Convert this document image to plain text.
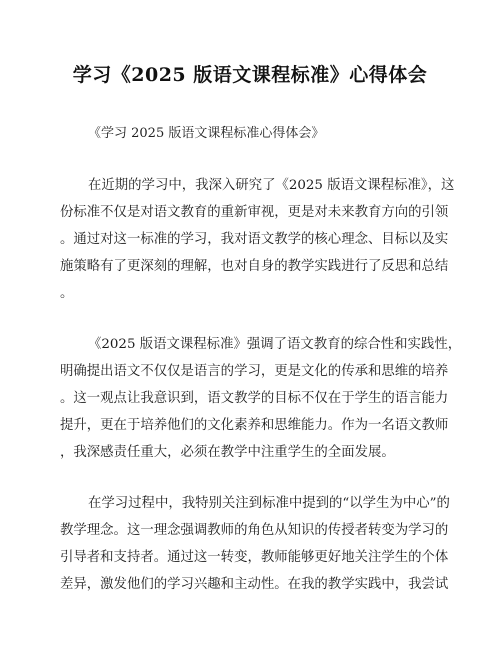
学习《2025 版语文课程标准》心得体会
《学习 2025 版语文课程标准心得体会》
在近期的学习中，我深入研究了《2025 版语文课程标准》，这
份标准不仅是对语文教育的重新审视，更是对未来教育方向的引领
。通过对这一标准的学习，我对语文教学的核心理念、目标以及实
施策略有了更深刻的理解，也对自身的教学实践进行了反思和总结
。
《2025 版语文课程标准》强调了语文教育的综合性和实践性，
明确提出语文不仅仅是语言的学习，更是文化的传承和思维的培养
。这一观点让我意识到，语文教学的目标不仅在于学生的语言能力
提升，更在于培养他们的文化素养和思维能力。作为一名语文教师
，我深感责任重大，必须在教学中注重学生的全面发展。
在学习过程中，我特别关注到标准中提到的“以学生为中心”的
教学理念。这一理念强调教师的角色从知识的传授者转变为学习的
引导者和支持者。通过这一转变，教师能够更好地关注学生的个体
差异，激发他们的学习兴趣和主动性。在我的教学实践中，我尝试
